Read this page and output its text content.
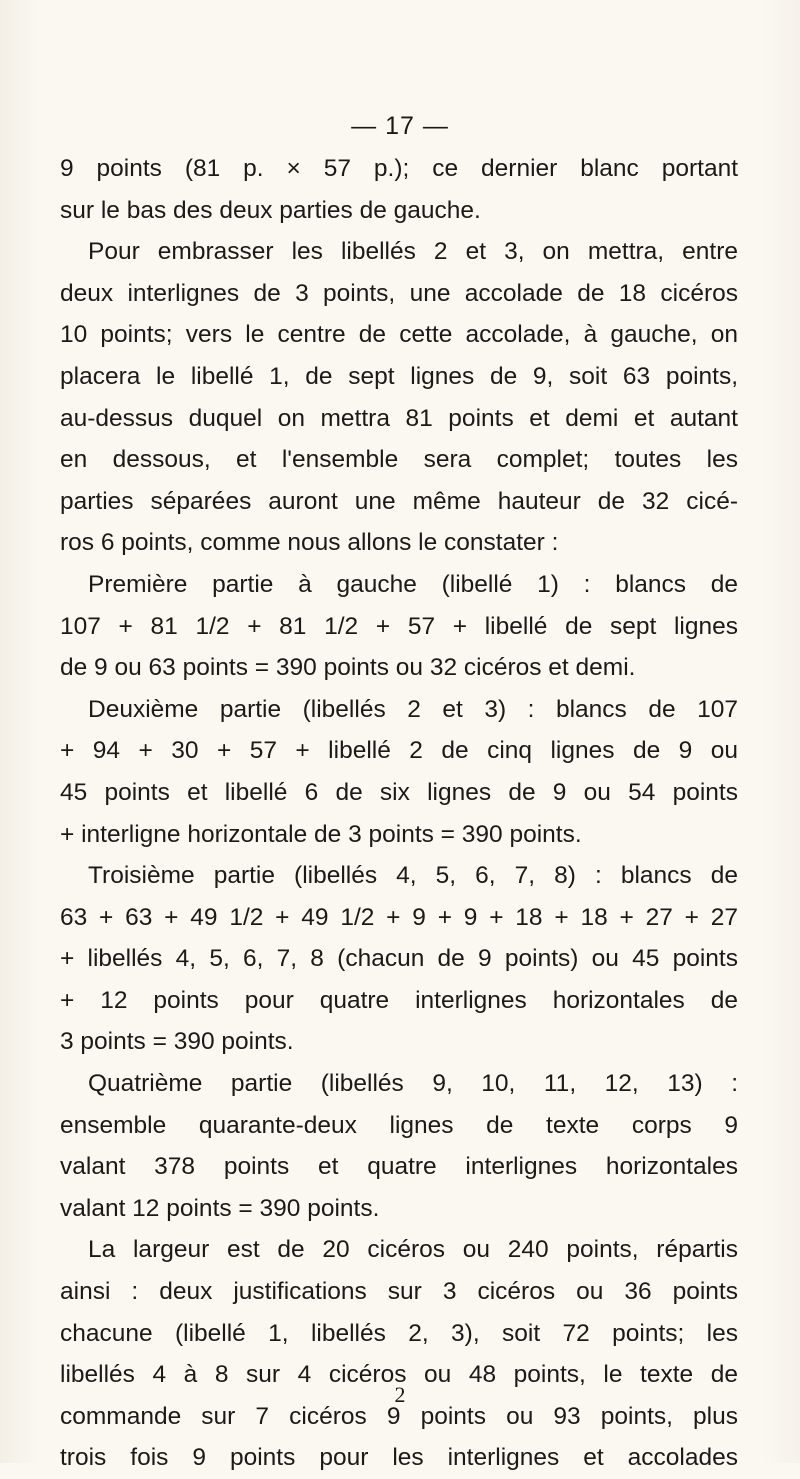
— 17 —
9 points (81 p. × 57 p.); ce dernier blanc portant
sur le bas des deux parties de gauche.
Pour embrasser les libellés 2 et 3, on mettra, entre
deux interlignes de 3 points, une accolade de 18 cicéros
10 points; vers le centre de cette accolade, à gauche, on
placera le libellé 1, de sept lignes de 9, soit 63 points,
au-dessus duquel on mettra 81 points et demi et autant
en dessous, et l'ensemble sera complet; toutes les
parties séparées auront une même hauteur de 32 cicé-
ros 6 points, comme nous allons le constater :
Première partie à gauche (libellé 1) : blancs de
107 + 81 1/2 + 81 1/2 + 57 + libellé de sept lignes
de 9 ou 63 points = 390 points ou 32 cicéros et demi.
Deuxième partie (libellés 2 et 3) : blancs de 107
+ 94 + 30 + 57 + libellé 2 de cinq lignes de 9 ou
45 points et libellé 6 de six lignes de 9 ou 54 points
+ interligne horizontale de 3 points = 390 points.
Troisième partie (libellés 4, 5, 6, 7, 8) : blancs de
63 + 63 + 49 1/2 + 49 1/2 + 9 + 9 + 18 + 18 + 27 + 27
+ libellés 4, 5, 6, 7, 8 (chacun de 9 points) ou 45 points
+ 12 points pour quatre interlignes horizontales de
3 points = 390 points.
Quatrième partie (libellés 9, 10, 11, 12, 13) :
ensemble quarante-deux lignes de texte corps 9
valant 378 points et quatre interlignes horizontales
valant 12 points = 390 points.
La largeur est de 20 cicéros ou 240 points, répartis
ainsi : deux justifications sur 3 cicéros ou 36 points
chacune (libellé 1, libellés 2, 3), soit 72 points; les
libellés 4 à 8 sur 4 cicéros ou 48 points, le texte de
commande sur 7 cicéros 9 points ou 93 points, plus
trois fois 9 points pour les interlignes et accolades
2
